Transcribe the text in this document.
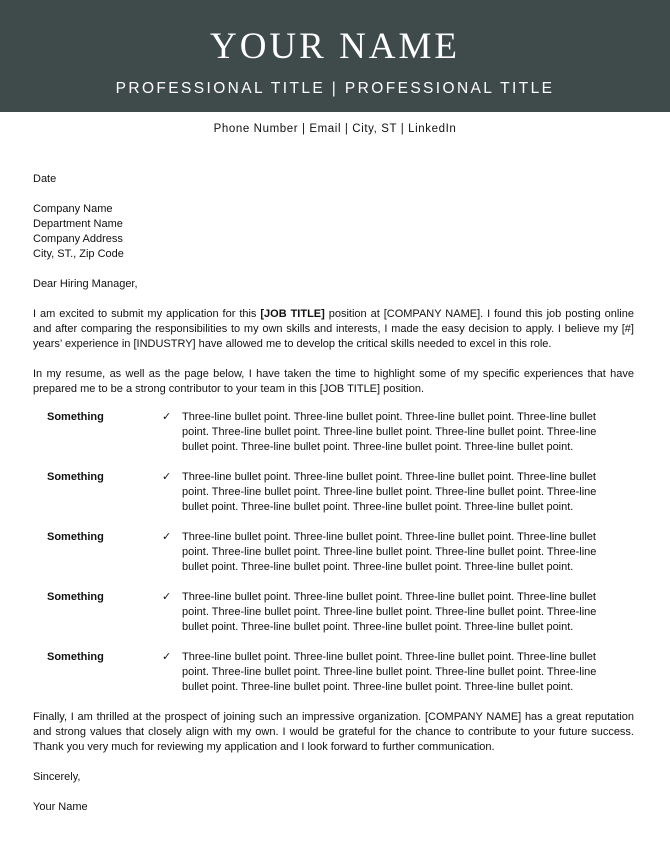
YOUR NAME
PROFESSIONAL TITLE | PROFESSIONAL TITLE
Phone Number | Email | City, ST | LinkedIn

Date

Company Name

Department Name

Company Address

City, ST., Zip Code

Dear Hiring Manager,

I am excited to submit my application for this [JOB TITLE] position at [COMPANY NAME]. I found this job posting online and after comparing the responsibilities to my own skills and interests, I made the easy decision to apply. I believe my [#] years’ experience in [INDUSTRY] have allowed me to develop the critical skills needed to excel in this role.

In my resume, as well as the page below, I have taken the time to highlight some of my specific experiences that have prepared me to be a strong contributor to your team in this [JOB TITLE] position.

Something	✓ Three-line bullet point. Three-line bullet point. Three-line bullet point. Three-line bullet point. Three-line bullet point. Three-line bullet point. Three-line bullet point. Three-line bullet point. Three-line bullet point. Three-line bullet point. Three-line bullet point.
Something	✓ Three-line bullet point. Three-line bullet point. Three-line bullet point. Three-line bullet point. Three-line bullet point. Three-line bullet point. Three-line bullet point. Three-line bullet point. Three-line bullet point. Three-line bullet point. Three-line bullet point.
Something	✓ Three-line bullet point. Three-line bullet point. Three-line bullet point. Three-line bullet point. Three-line bullet point. Three-line bullet point. Three-line bullet point. Three-line bullet point. Three-line bullet point. Three-line bullet point. Three-line bullet point.
Something	✓ Three-line bullet point. Three-line bullet point. Three-line bullet point. Three-line bullet point. Three-line bullet point. Three-line bullet point. Three-line bullet point. Three-line bullet point. Three-line bullet point. Three-line bullet point. Three-line bullet point.
Something	✓ Three-line bullet point. Three-line bullet point. Three-line bullet point. Three-line bullet point. Three-line bullet point. Three-line bullet point. Three-line bullet point. Three-line bullet point. Three-line bullet point. Three-line bullet point. Three-line bullet point.

Finally, I am thrilled at the prospect of joining such an impressive organization. [COMPANY NAME] has a great reputation and strong values that closely align with my own. I would be grateful for the chance to contribute to your future success. Thank you very much for reviewing my application and I look forward to further communication.

Sincerely,

Your Name
